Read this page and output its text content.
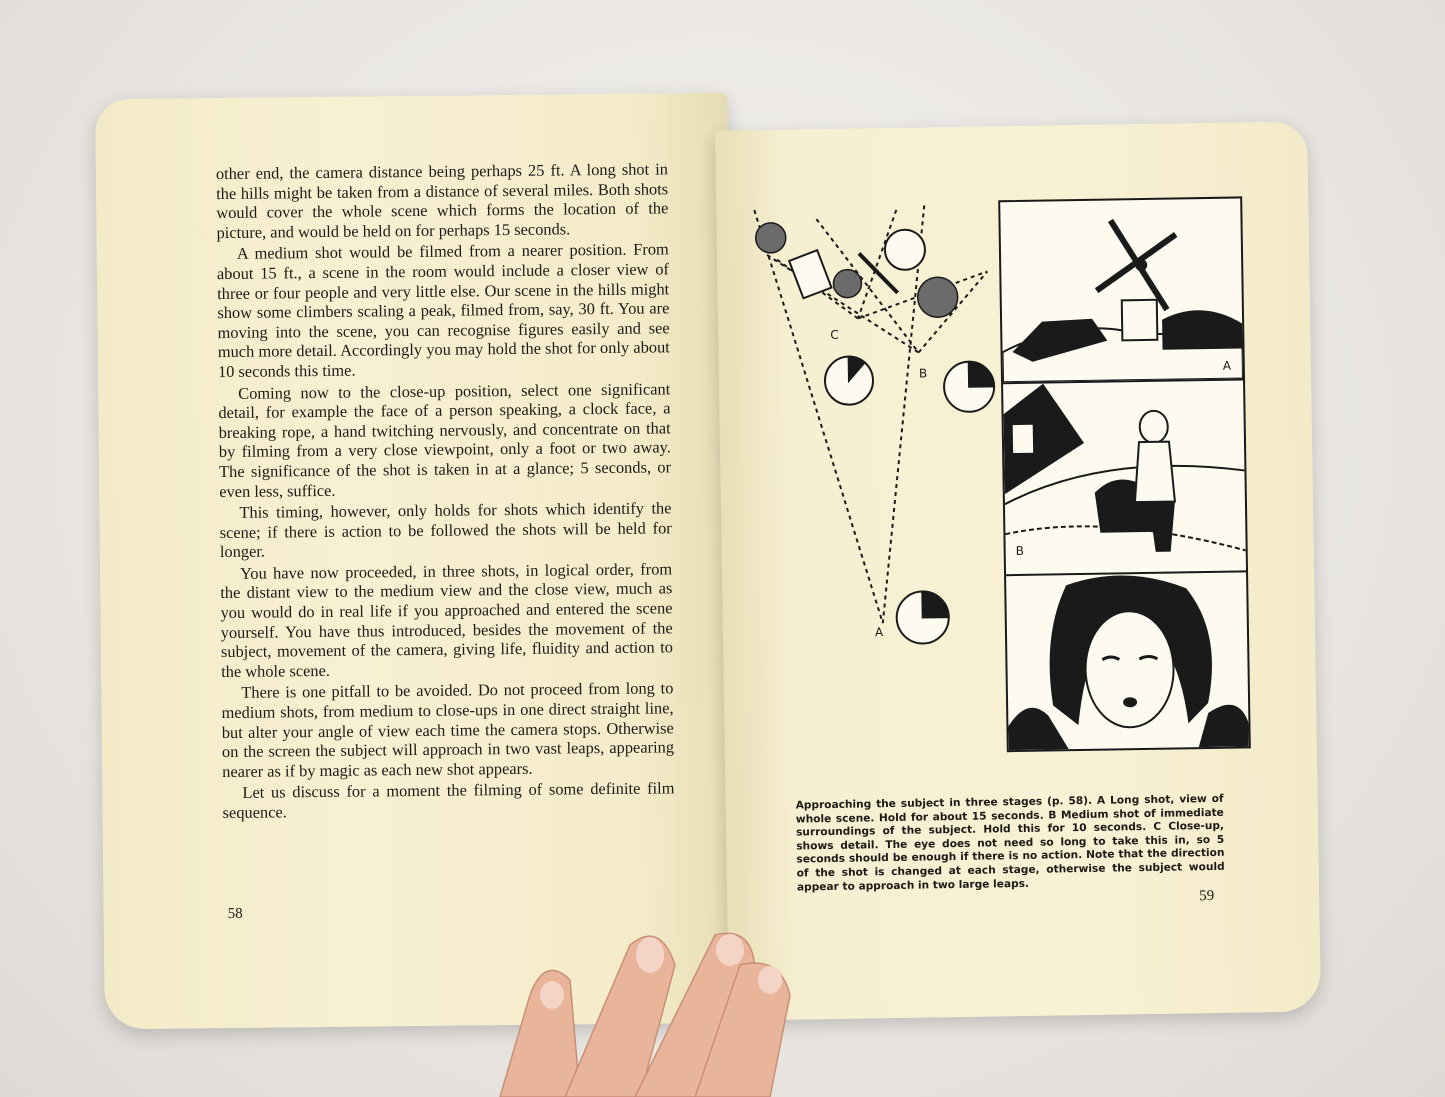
other end, the camera distance being perhaps 25 ft. A long shot in the hills might be taken from a distance of several miles. Both shots would cover the whole scene which forms the location of the picture, and would be held on for perhaps 15 seconds.

A medium shot would be filmed from a nearer position. From about 15 ft., a scene in the room would include a closer view of three or four people and very little else. Our scene in the hills might show some climbers scaling a peak, filmed from, say, 30 ft. You are moving into the scene, you can recognise figures easily and see much more detail. Accordingly you may hold the shot for only about 10 seconds this time.

Coming now to the close-up position, select one significant detail, for example the face of a person speaking, a clock face, a breaking rope, a hand twitching nervously, and concentrate on that by filming from a very close viewpoint, only a foot or two away. The significance of the shot is taken in at a glance; 5 seconds, or even less, suffice.

This timing, however, only holds for shots which identify the scene; if there is action to be followed the shots will be held for longer.

You have now proceeded, in three shots, in logical order, from the distant view to the medium view and the close view, much as you would do in real life if you approached and entered the scene yourself. You have thus introduced, besides the movement of the subject, movement of the camera, giving life, fluidity and action to the whole scene.

There is one pitfall to be avoided. Do not proceed from long to medium shots, from medium to close-ups in one direct straight line, but alter your angle of view each time the camera stops. Otherwise on the screen the subject will approach in two vast leaps, appearing nearer as if by magic as each new shot appears.

Let us discuss for a moment the filming of some definite film sequence.

58
C
B
A
A
B
C
Approaching the subject in three stages (p. 58). A Long shot, view of whole scene. Hold for about 15 seconds. B Medium shot of immediate surroundings of the subject. Hold this for 10 seconds. C Close-up, shows detail. The eye does not need so long to take this in, so 5 seconds should be enough if there is no action. Note that the direction of the shot is changed at each stage, otherwise the subject would appear to approach in two large leaps.
59
